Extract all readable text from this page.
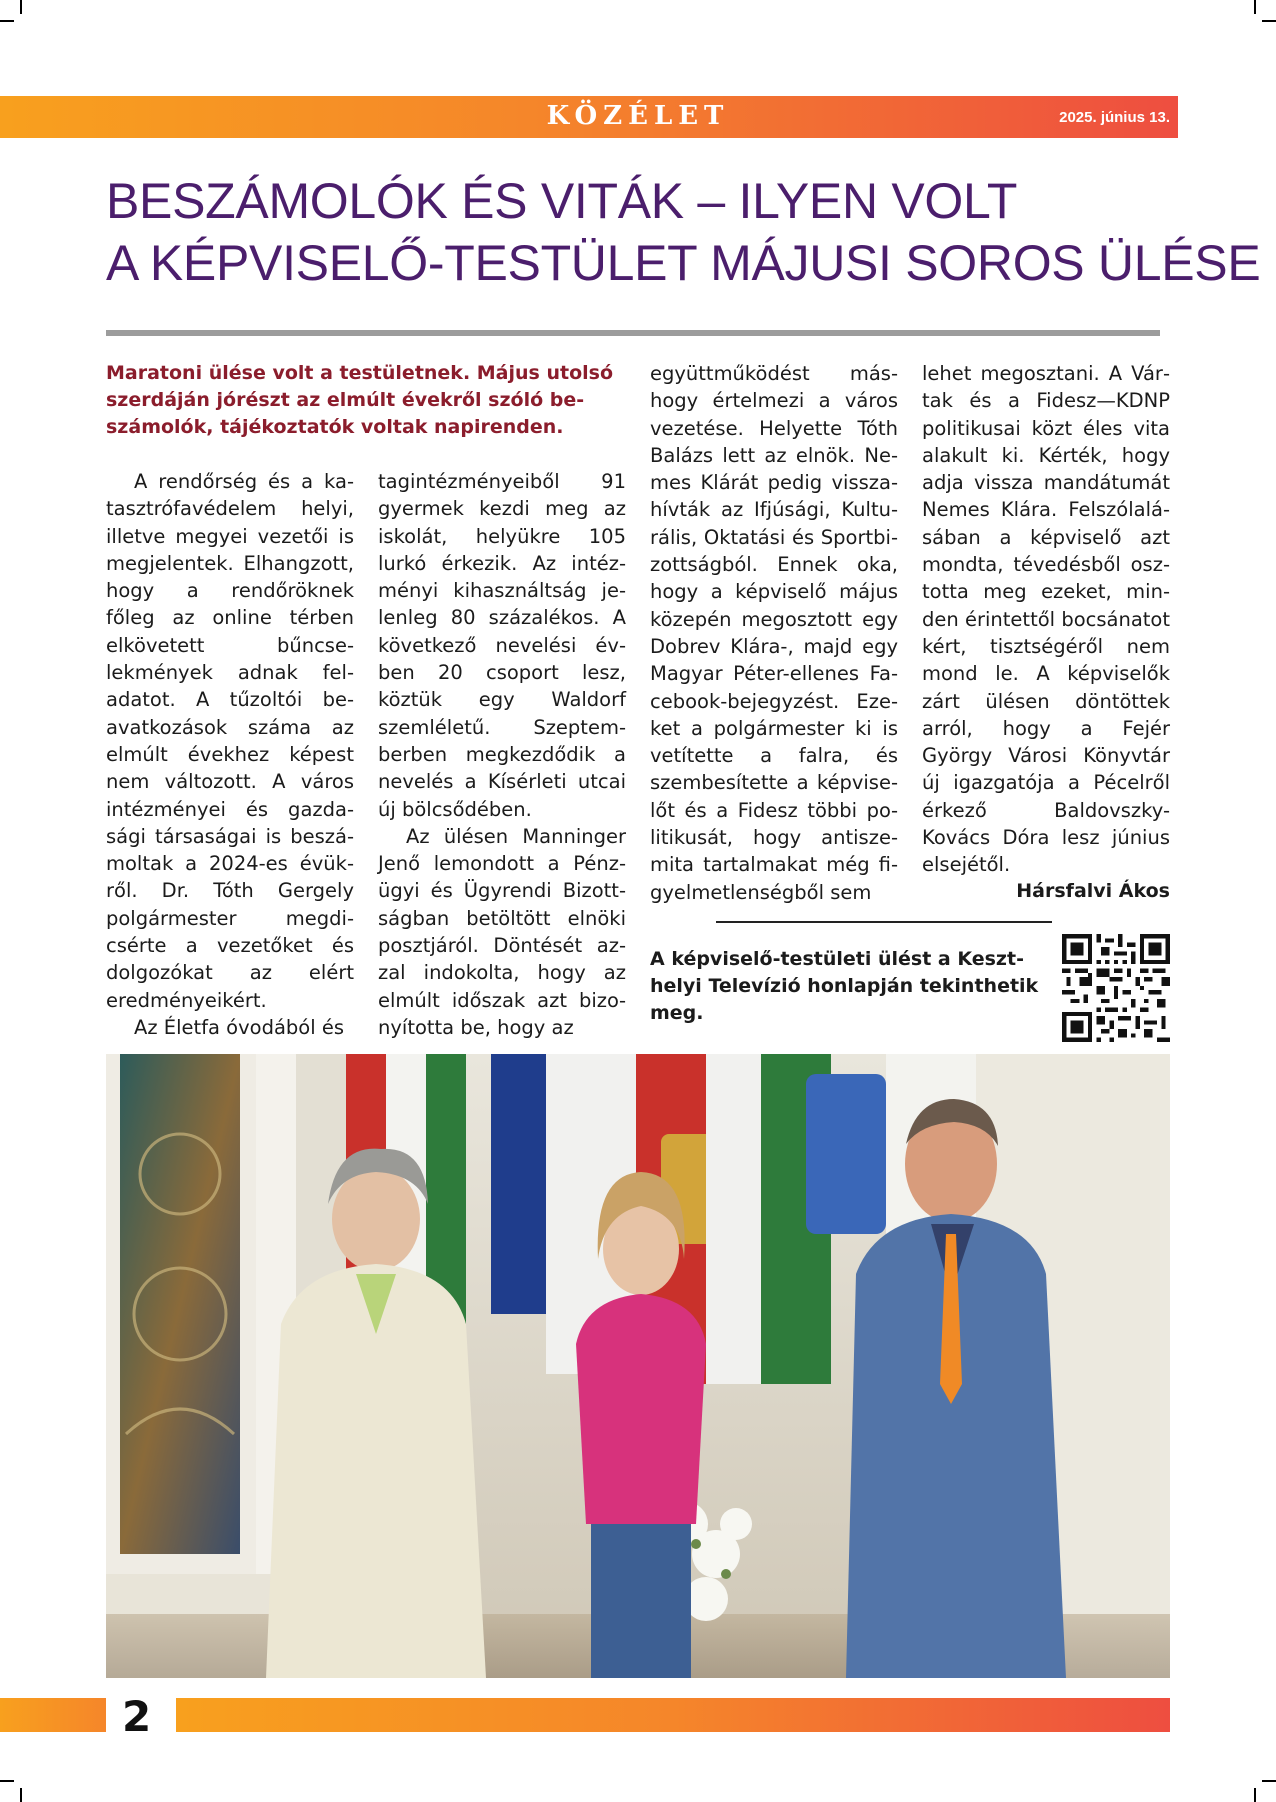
KÖZÉLET	2025. június 13.
BESZÁMOLÓK ÉS VITÁK – ILYEN VOLT
A KÉPVISELŐ-TESTÜLET MÁJUSI SOROS ÜLÉSE

Maratoni ülése volt a testületnek. Május utolsó szerdáján jórészt az elmúlt évekről szóló beszámolók, tájékoztatók voltak napirenden.

A rendőrség és a katasztrófavédelem helyi, illetve megyei vezetői is megjelentek. Elhangzott, hogy a rendőröknek főleg az online térben elkövetett bűncselekmények adnak feladatot. A tűzoltói beavatkozások száma az elmúlt évekhez képest nem változott. A város intézményei és gazdasági társaságai is beszámoltak a 2024-es évükről. Dr. Tóth Gergely polgármester megdicsérte a vezetőket és dolgozókat az elért eredményeikért.

Az Életfa óvodából és

tagintézményeiből 91 gyermek kezdi meg az iskolát, helyükre 105 lurkó érkezik. Az intézményi kihasználtság jelenleg 80 százalékos. A következő nevelési évben 20 csoport lesz, köztük egy Waldorf szemléletű. Szeptemberben megkezdődik a nevelés a Kísérleti utcai új bölcsődében.

Az ülésen Manninger Jenő lemondott a Pénzügyi és Ügyrendi Bizottságban betöltött elnöki posztjáról. Döntését azzal indokolta, hogy az elmúlt időszak azt bizonyította be, hogy az

együttműködést máshogy értelmezi a város vezetése. Helyette Tóth Balázs lett az elnök. Nemes Klárát pedig visszahívták az Ifjúsági, Kulturális, Oktatási és Sportbizottságból. Ennek oka, hogy a képviselő május közepén megosztott egy Dobrev Klára-, majd egy Magyar Péter-ellenes Facebook-bejegyzést. Ezeket a polgármester ki is vetítette a falra, és szembesítette a képviselőt és a Fidesz többi politikusát, hogy antiszemita tartalmakat még figyelmetlenségből sem

lehet megosztani. A Vártak és a Fidesz—KDNP politikusai közt éles vita alakult ki. Kérték, hogy adja vissza mandátumát Nemes Klára. Felszólalásában a képviselő azt mondta, tévedésből osztotta meg ezeket, minden érintettől bocsánatot kért, tisztségéről nem mond le. A képviselők zárt ülésen döntöttek arról, hogy a Fejér György Városi Könyvtár új igazgatója a Pécelről érkező Baldovszky-Kovács Dóra lesz június elsejétől.

Hársfalvi Ákos

A képviselő-testületi ülést a Keszthelyi Televízió honlapján tekinthetik meg.

2
